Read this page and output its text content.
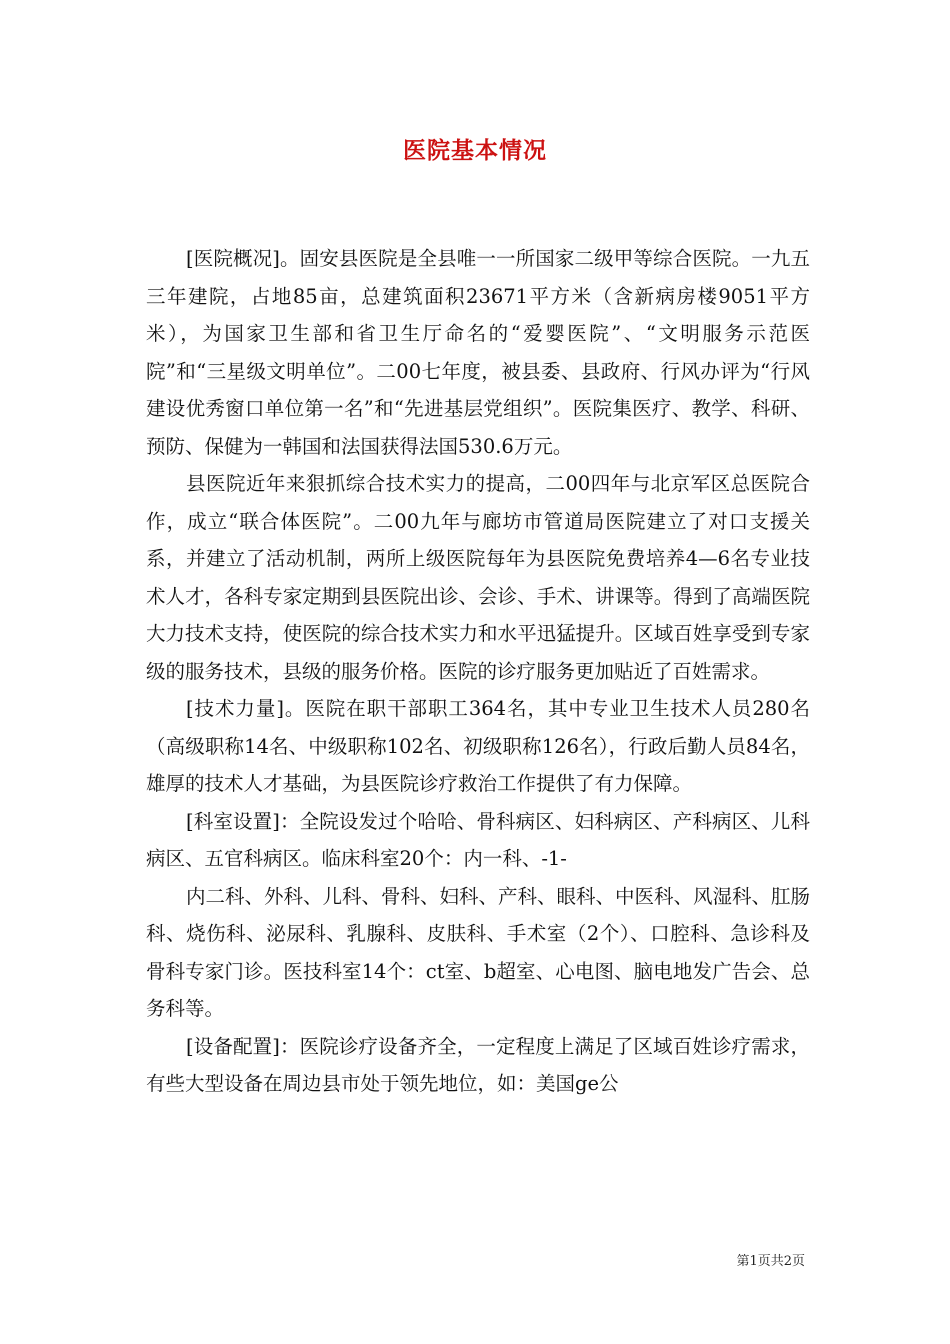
医院基本情况

[医院概况]。固安县医院是全县唯一一所国家二级甲等综合医院。一九五三年建院，占地85亩，总建筑面积23671平方米（含新病房楼9051平方米），为国家卫生部和省卫生厅命名的“爱婴医院”、“文明服务示范医院”和“三星级文明单位”。二00七年度，被县委、县政府、行风办评为“行风建设优秀窗口单位第一名”和“先进基层党组织”。医院集医疗、教学、科研、预防、保健为一韩国和法国获得法国530.6万元。

县医院近年来狠抓综合技术实力的提高，二00四年与北京军区总医院合作，成立“联合体医院”。二00九年与廊坊市管道局医院建立了对口支援关系，并建立了活动机制，两所上级医院每年为县医院免费培养4—6名专业技术人才，各科专家定期到县医院出诊、会诊、手术、讲课等。得到了高端医院大力技术支持，使医院的综合技术实力和水平迅猛提升。区域百姓享受到专家级的服务技术，县级的服务价格。医院的诊疗服务更加贴近了百姓需求。

[技术力量]。医院在职干部职工364名，其中专业卫生技术人员280名（高级职称14名、中级职称102名、初级职称126名），行政后勤人员84名，雄厚的技术人才基础，为县医院诊疗救治工作提供了有力保障。

[科室设置]：全院设发过个哈哈、骨科病区、妇科病区、产科病区、儿科病区、五官科病区。临床科室20个：内一科、-1-

内二科、外科、儿科、骨科、妇科、产科、眼科、中医科、风湿科、肛肠科、烧伤科、泌尿科、乳腺科、皮肤科、手术室（2个）、口腔科、急诊科及骨科专家门诊。医技科室14个：ct室、b超室、心电图、脑电地发广告会、总务科等。

[设备配置]：医院诊疗设备齐全，一定程度上满足了区域百姓诊疗需求，有些大型设备在周边县市处于领先地位，如：美国ge公

第1页共2页
